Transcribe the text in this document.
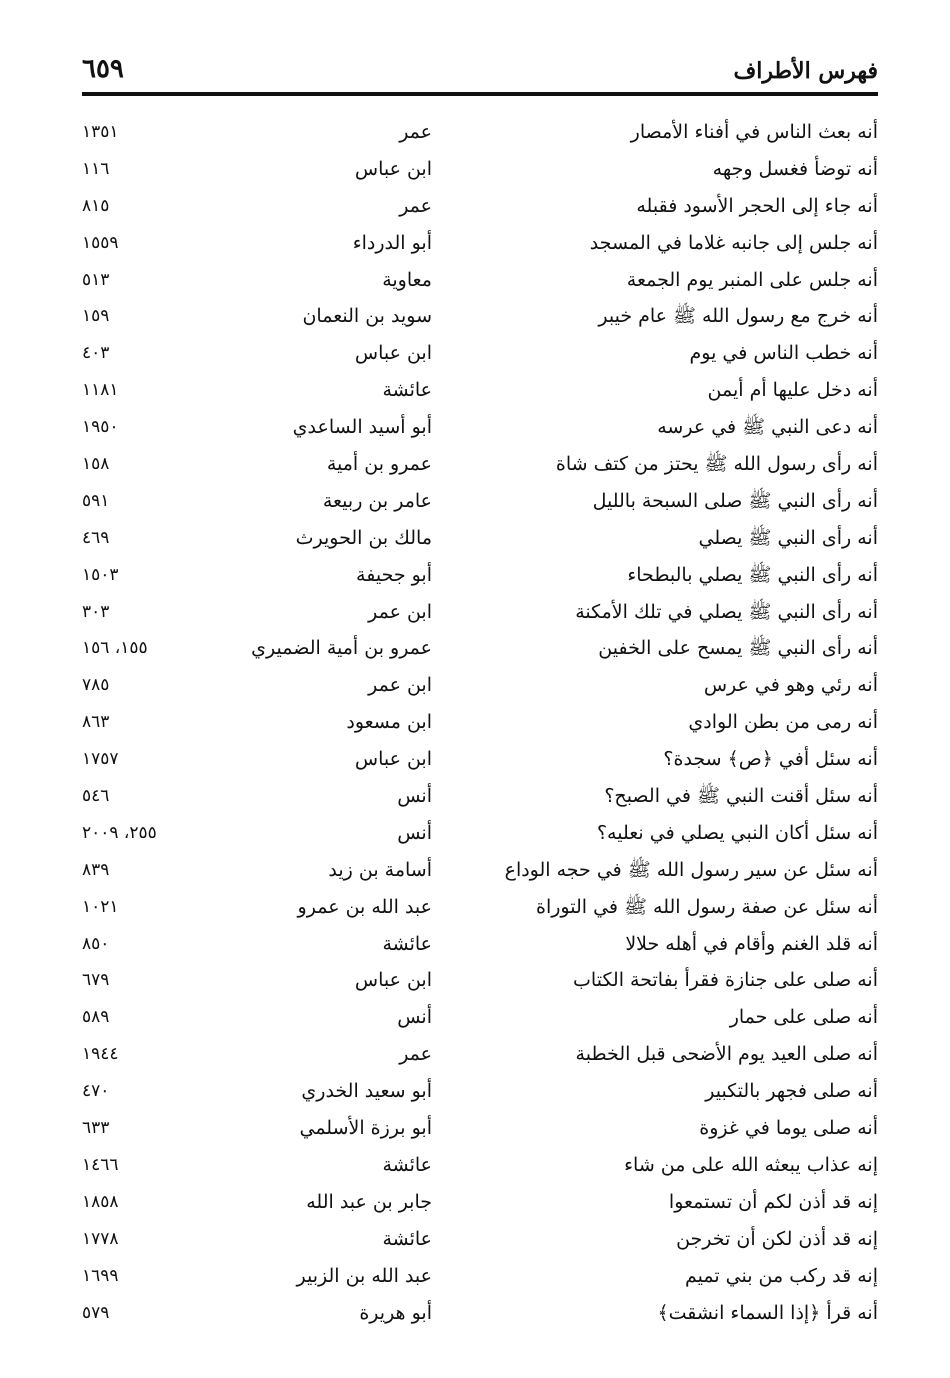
فهرس الأطراف
٦٥٩
أنه بعث الناس في أفناء الأمصار
عمر
١٣٥١
أنه توضأ فغسل وجهه
ابن عباس
١١٦
أنه جاء إلى الحجر الأسود فقبله
عمر
٨١٥
أنه جلس إلى جانبه غلاما في المسجد
أبو الدرداء
١٥٥٩
أنه جلس على المنبر يوم الجمعة
معاوية
٥١٣
أنه خرج مع رسول الله ﷺ عام خيبر
سويد بن النعمان
١٥٩
أنه خطب الناس في يوم
ابن عباس
٤٠٣
أنه دخل عليها أم أيمن
عائشة
١١٨١
أنه دعى النبي ﷺ في عرسه
أبو أسيد الساعدي
١٩٥٠
أنه رأى رسول الله ﷺ يحتز من كتف شاة
عمرو بن أمية
١٥٨
أنه رأى النبي ﷺ صلى السبحة بالليل
عامر بن ربيعة
٥٩١
أنه رأى النبي ﷺ يصلي
مالك بن الحويرث
٤٦٩
أنه رأى النبي ﷺ يصلي بالبطحاء
أبو جحيفة
١٥٠٣
أنه رأى النبي ﷺ يصلي في تلك الأمكنة
ابن عمر
٣٠٣
أنه رأى النبي ﷺ يمسح على الخفين
عمرو بن أمية الضميري
١٥٥، ١٥٦
أنه رئي وهو في عرس
ابن عمر
٧٨٥
أنه رمى من بطن الوادي
ابن مسعود
٨٦٣
أنه سئل أفي ﴿ص﴾ سجدة؟
ابن عباس
١٧٥٧
أنه سئل أقنت النبي ﷺ في الصبح؟
أنس
٥٤٦
أنه سئل أكان النبي يصلي في نعليه؟
أنس
٢٥٥، ٢٠٠٩
أنه سئل عن سير رسول الله ﷺ في حجه الوداع
أسامة بن زيد
٨٣٩
أنه سئل عن صفة رسول الله ﷺ في التوراة
عبد الله بن عمرو
١٠٢١
أنه قلد الغنم وأقام في أهله حلالا
عائشة
٨٥٠
أنه صلى على جنازة فقرأ بفاتحة الكتاب
ابن عباس
٦٧٩
أنه صلى على حمار
أنس
٥٨٩
أنه صلى العيد يوم الأضحى قبل الخطبة
عمر
١٩٤٤
أنه صلى فجهر بالتكبير
أبو سعيد الخدري
٤٧٠
أنه صلى يوما في غزوة
أبو برزة الأسلمي
٦٣٣
إنه عذاب يبعثه الله على من شاء
عائشة
١٤٦٦
إنه قد أذن لكم أن تستمعوا
جابر بن عبد الله
١٨٥٨
إنه قد أذن لكن أن تخرجن
عائشة
١٧٧٨
إنه قد ركب من بني تميم
عبد الله بن الزبير
١٦٩٩
أنه قرأ ﴿إذا السماء انشقت﴾
أبو هريرة
٥٧٩
